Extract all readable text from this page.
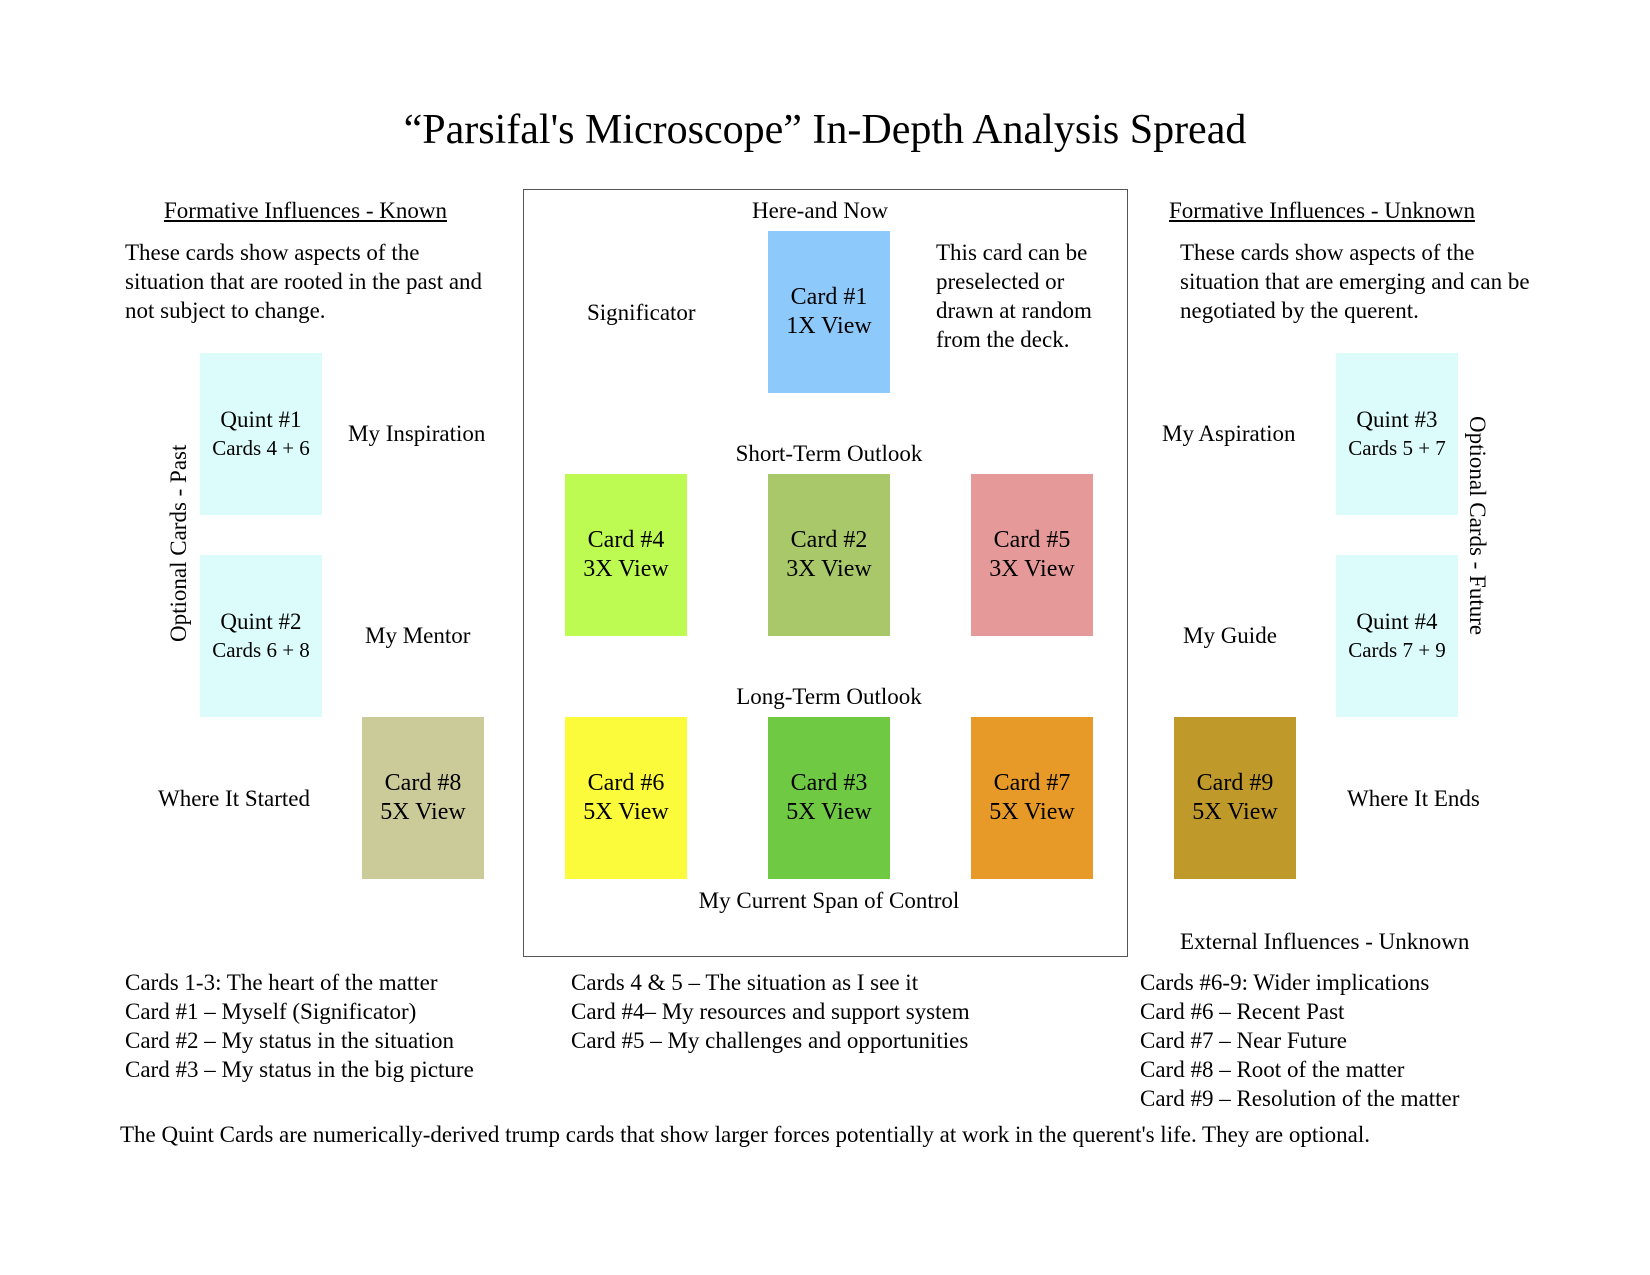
“Parsifal's Microscope” In-Depth Analysis Spread
Formative Influences - Known
These cards show aspects of the situation that are rooted in the past and not subject to change.
Optional Cards - Past
Quint #1
Cards 4 + 6
My Inspiration
Quint #2
Cards 6 + 8
My Mentor
Where It Started
Card #8
5X View
Here-and Now
Significator
Card #1
1X View
This card can be preselected or drawn at random from the deck.
Short-Term Outlook
Card #4
3X View
Card #2
3X View
Card #5
3X View
Long-Term Outlook
Card #6
5X View
Card #3
5X View
Card #7
5X View
My Current Span of Control
Formative Influences - Unknown
These cards show aspects of the situation that are emerging and can be negotiated by the querent.
My Aspiration
Quint #3
Cards 5 + 7
My Guide
Quint #4
Cards 7 + 9
Optional Cards - Future
Card #9
5X View
Where It Ends
External Influences - Unknown
Cards 1-3: The heart of the matter
Card #1 – Myself (Significator)
Card #2 – My status in the situation
Card #3 – My status in the big picture
Cards 4 & 5 – The situation as I see it
Card #4– My resources and support system
Card #5 – My challenges and opportunities
Cards #6-9: Wider implications
Card #6 – Recent Past
Card #7 – Near Future
Card #8 – Root of the matter
Card #9 – Resolution of the matter
The Quint Cards are numerically-derived trump cards that show larger forces potentially at work in the querent's life. They are optional.
